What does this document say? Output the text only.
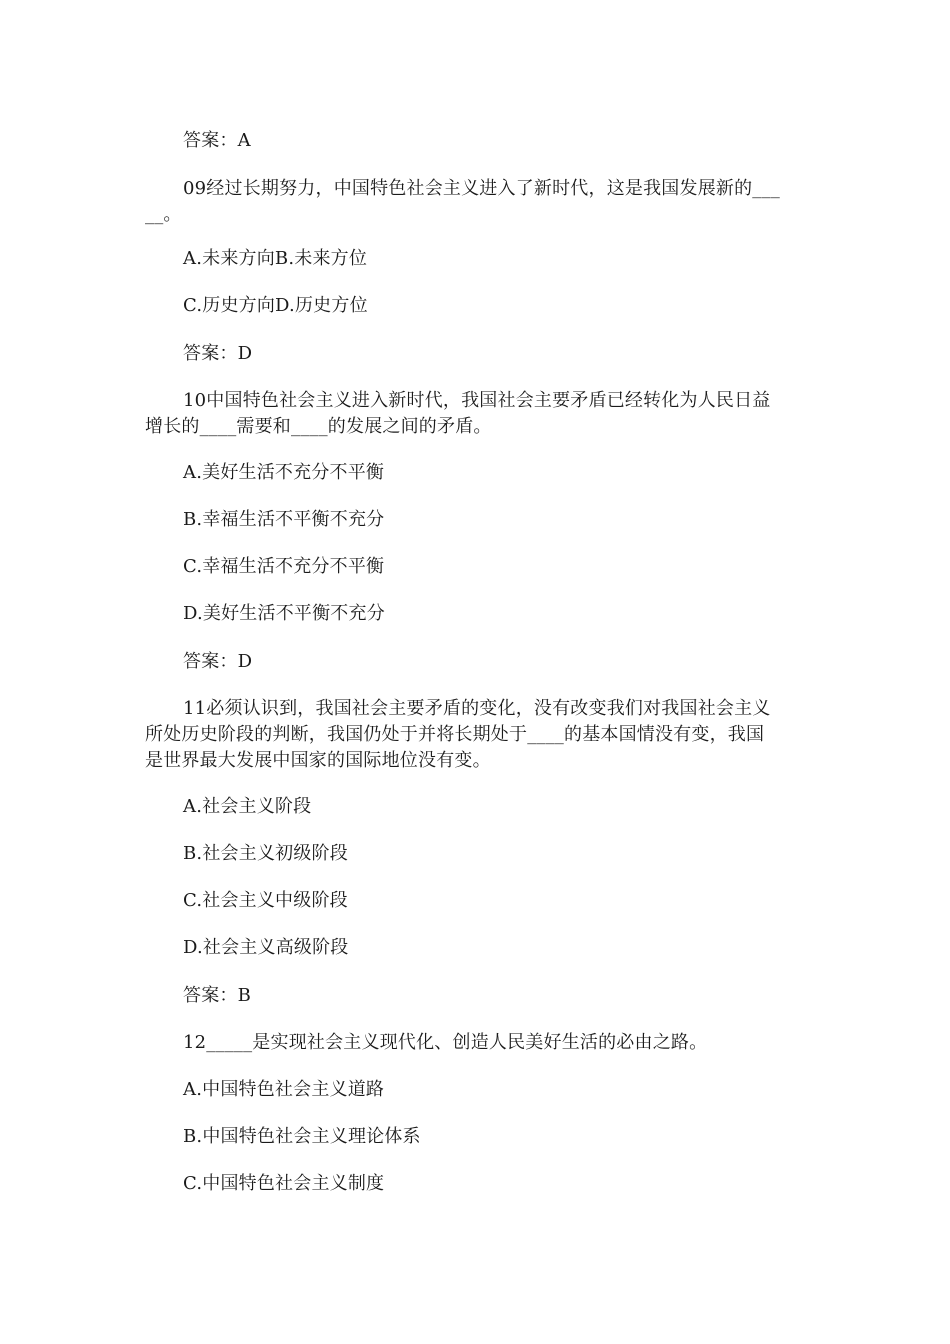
答案：A
09经过长期努力，中国特色社会主义进入了新时代，这是我国发展新的___
__。
A.未来方向B.未来方位
C.历史方向D.历史方位
答案：D
10中国特色社会主义进入新时代，我国社会主要矛盾已经转化为人民日益
增长的____需要和____的发展之间的矛盾。
A.美好生活不充分不平衡
B.幸福生活不平衡不充分
C.幸福生活不充分不平衡
D.美好生活不平衡不充分
答案：D
11必须认识到，我国社会主要矛盾的变化，没有改变我们对我国社会主义
所处历史阶段的判断，我国仍处于并将长期处于____的基本国情没有变，我国
是世界最大发展中国家的国际地位没有变。
A.社会主义阶段
B.社会主义初级阶段
C.社会主义中级阶段
D.社会主义高级阶段
答案：B
12_____是实现社会主义现代化、创造人民美好生活的必由之路。
A.中国特色社会主义道路
B.中国特色社会主义理论体系
C.中国特色社会主义制度
